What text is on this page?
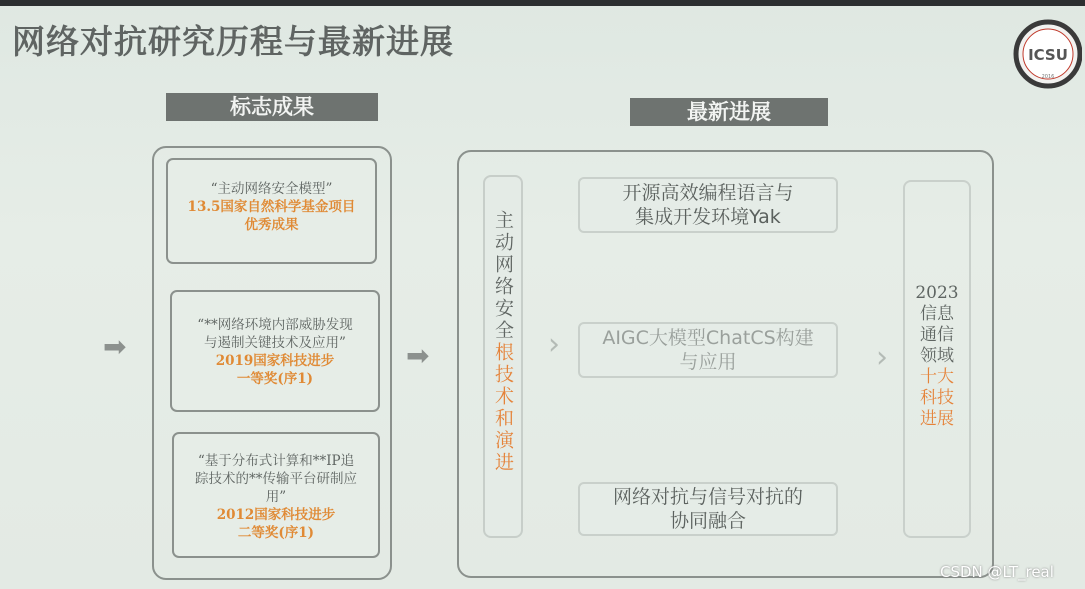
网络对抗研究历程与最新进展	ICSU
2016
标志成果	最新进展
➡	➡
“主动网络安全模型”
13.5国家自然科学基金项目
优秀成果
“**网络环境内部威胁发现
与遏制关键技术及应用”
2019国家科技进步
一等奖(序1)
“基于分布式计算和**IP追
踪技术的**传输平台研制应
用”
2012国家科技进步
二等奖(序1)
主动网络安全根技术和演进 ›	›
开源高效编程语言与
集成开发环境Yak
AIGC大模型ChatCS构建
与应用
网络对抗与信号对抗的
协同融合
2023
信息
通信
领域
十大
科技
进展
CSDN @LT_real
